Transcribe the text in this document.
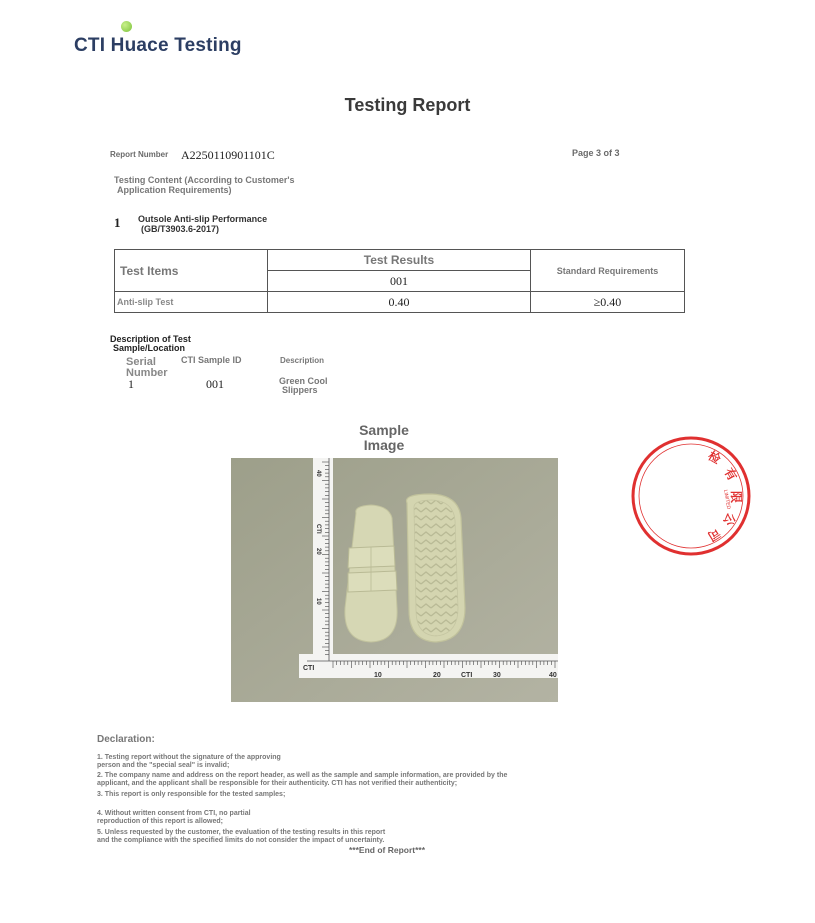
CTI Huace Testing
Testing Report
Report Number A2250110901101C	Page 3 of 3
Testing Content (According to Customer's
Application Requirements)
1 Outsole Anti-slip Performance
(GB/T3903.6-2017)
Test Items	Test Results	Standard Requirements
	001	
Anti-slip Test	0.40	≥0.40
Description of Test
Sample/Location
Serial
Number
CTI Sample ID	Description
1	001	Green Cool
Slippers
Sample
Image
40
CTI
20
10
10	20	CTI	30	40
CTI
检
有
限
公
司
LIMITED
Declaration:
1. Testing report without the signature of the approving
person and the "special seal" is invalid;
2. The company name and address on the report header, as well as the sample and sample information, are provided by the
applicant, and the applicant shall be responsible for their authenticity. CTI has not verified their authenticity;
3. This report is only responsible for the tested samples;
4. Without written consent from CTI, no partial
reproduction of this report is allowed;
5. Unless requested by the customer, the evaluation of the testing results in this report
and the compliance with the specified limits do not consider the impact of uncertainty.
***End of Report***
